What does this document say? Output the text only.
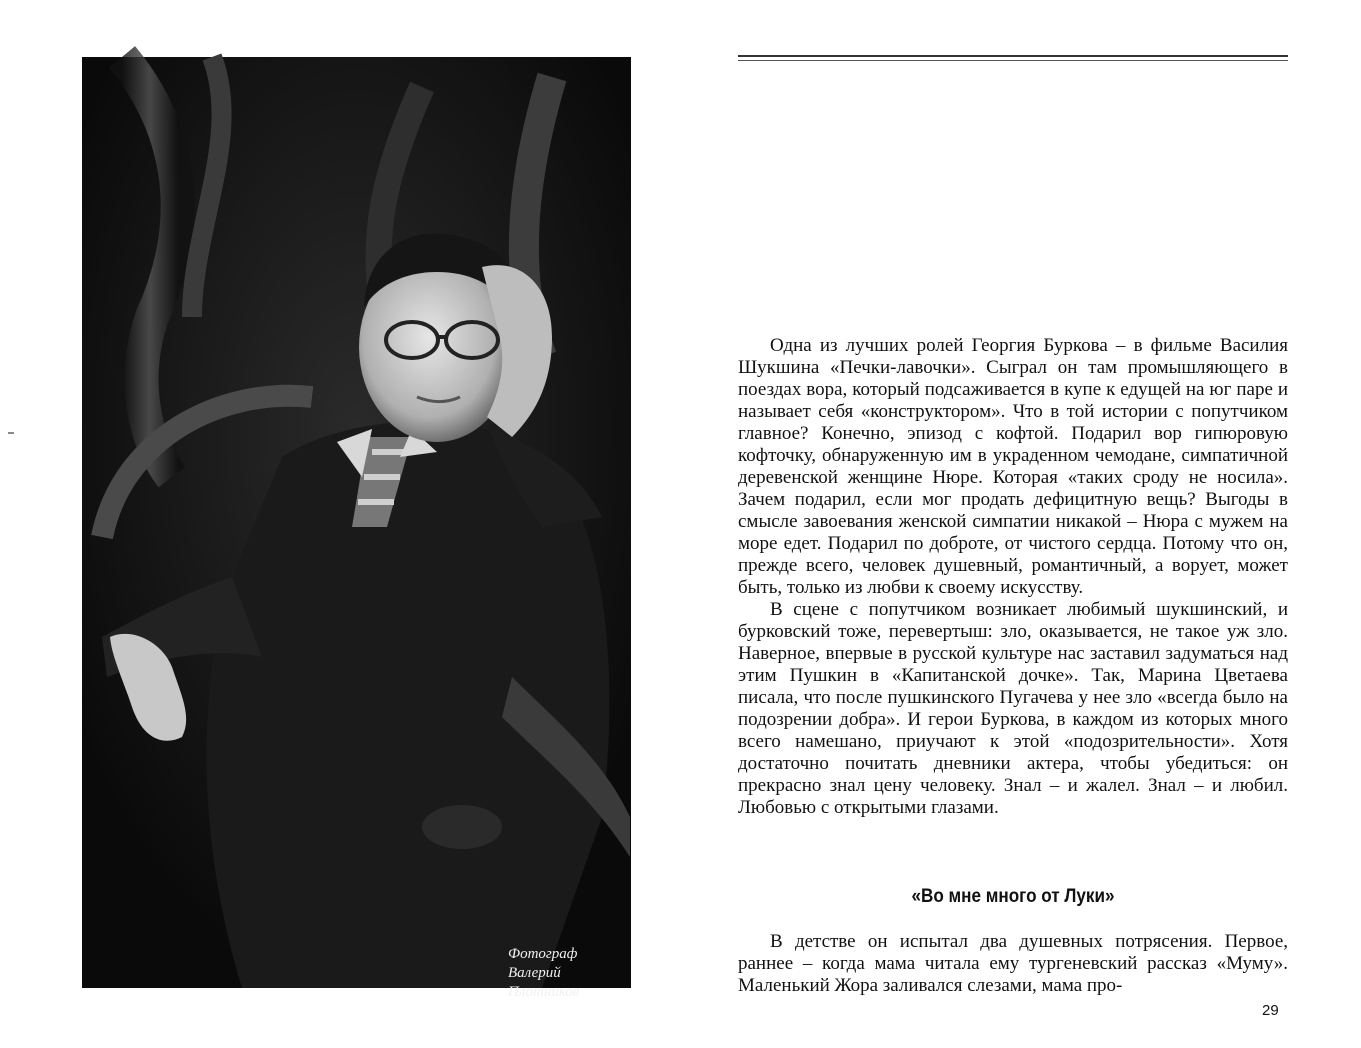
Фотограф
Валерий
Плотников

Одна из лучших ролей Георгия Буркова – в фильме Василия Шукшина «Печки-лавочки». Сыграл он там промышляющего в поездах вора, который подсаживается в купе к едущей на юг паре и называет себя «конструктором». Что в той истории с попутчиком главное? Конечно, эпизод с кофтой. Подарил вор гипюровую кофточку, обнаруженную им в украденном чемодане, симпатичной деревенской женщине Нюре. Которая «таких сроду не носила». Зачем подарил, если мог продать дефицитную вещь? Выгоды в смысле завоевания женской симпатии никакой – Нюра с мужем на море едет. Подарил по доброте, от чистого сердца. Потому что он, прежде всего, человек душевный, романтичный, а ворует, может быть, только из любви к своему искусству.

В сцене с попутчиком возникает любимый шукшинский, и бурковский тоже, перевертыш: зло, оказывается, не такое уж зло. Наверное, впервые в русской культуре нас заставил задуматься над этим Пушкин в «Капитанской дочке». Так, Марина Цветаева писала, что после пушкинского Пугачева у нее зло «всегда было на подозрении добра». И герои Буркова, в каждом из которых много всего намешано, приучают к этой «подозрительности». Хотя достаточно почитать дневники актера, чтобы убедиться: он прекрасно знал цену человеку. Знал – и жалел. Знал – и любил. Любовью с открытыми глазами.

«Во мне много от Луки»

В детстве он испытал два душевных потрясения. Первое, раннее – когда мама читала ему тургеневский рассказ «Муму». Маленький Жора заливался слезами, мама про-

29
